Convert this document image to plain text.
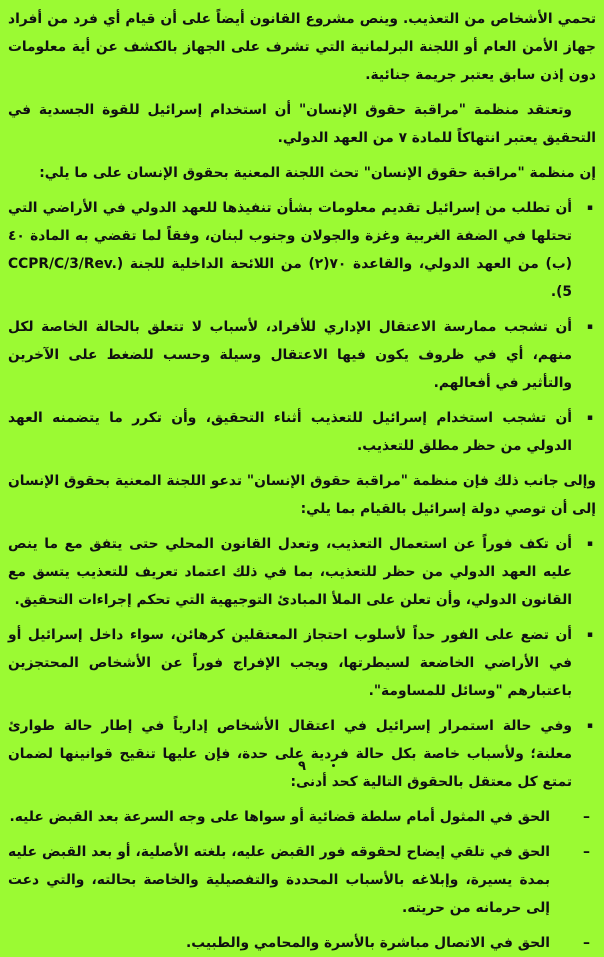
تحمي الأشخاص من التعذيب. وينص مشروع القانون أيضاً على أن قيام أي فرد من أفراد جهاز الأمن العام أو اللجنة البرلمانية التي تشرف على الجهاز بالكشف عن أية معلومات دون إذن سابق يعتبر جريمة جنائية.

وتعتقد منظمة "مراقبة حقوق الإنسان" أن استخدام إسرائيل للقوة الجسدية في التحقيق يعتبر انتهاكاً للمادة ٧ من العهد الدولي.

إن منظمة "مراقبة حقوق الإنسان" تحث اللجنة المعنية بحقوق الإنسان على ما يلي:

▪
أن تطلب من إسرائيل تقديم معلومات بشأن تنفيذها للعهد الدولي في الأراضي التي تحتلها في الضفة الغربية وغزة والجولان وجنوب لبنان، وفقاً لما تقضي به المادة ٤٠ (ب) من العهد الدولي، والقاعدة ٧٠(٢) من اللائحة الداخلية للجنة (CCPR/C/3/Rev. 5).
▪
أن تشجب ممارسة الاعتقال الإداري للأفراد، لأسباب لا تتعلق بالحالة الخاصة لكل منهم، أي في ظروف يكون فيها الاعتقال وسيلة وحسب للضغط على الآخرين والتأثير في أفعالهم.
▪
أن تشجب استخدام إسرائيل للتعذيب أثناء التحقيق، وأن تكرر ما يتضمنه العهد الدولي من حظر مطلق للتعذيب.

وإلى جانب ذلك فإن منظمة "مراقبة حقوق الإنسان" تدعو اللجنة المعنية بحقوق الإنسان إلى أن توصي دولة إسرائيل بالقيام بما يلي:

▪
أن تكف فوراً عن استعمال التعذيب، وتعدل القانون المحلي حتى يتفق مع ما ينص عليه العهد الدولي من حظر للتعذيب، بما في ذلك اعتماد تعريف للتعذيب يتسق مع القانون الدولي، وأن تعلن على الملأ المبادئ التوجيهية التي تحكم إجراءات التحقيق.
▪
أن تضع على الفور حداً لأسلوب احتجاز المعتقلين كرهائن، سواء داخل إسرائيل أو في الأراضي الخاضعة لسيطرتها، ويجب الإفراج فوراً عن الأشخاص المحتجزين باعتبارهم "وسائل للمساومة".
▪
وفي حالة استمرار إسرائيل في اعتقال الأشخاص إدارياً في إطار حالة طوارئ معلنة؛ ولأسباب خاصة بكل حالة فردية على حدة، فإن عليها تنقيح قوانينها لضمان تمتع كل معتقل بالحقوق التالية كحد أدنى:
–
الحق في المثول أمام سلطة قضائية أو سواها على وجه السرعة بعد القبض عليه.
–
الحق في تلقي إيضاح لحقوقه فور القبض عليه، بلغته الأصلية، أو بعد القبض عليه بمدة يسيرة، وإبلاغه بالأسباب المحددة والتفصيلية والخاصة بحالته، والتي دعت إلى حرمانه من حريته.
–
الحق في الاتصال مباشرة بالأسرة والمحامي والطبيب.
٩
